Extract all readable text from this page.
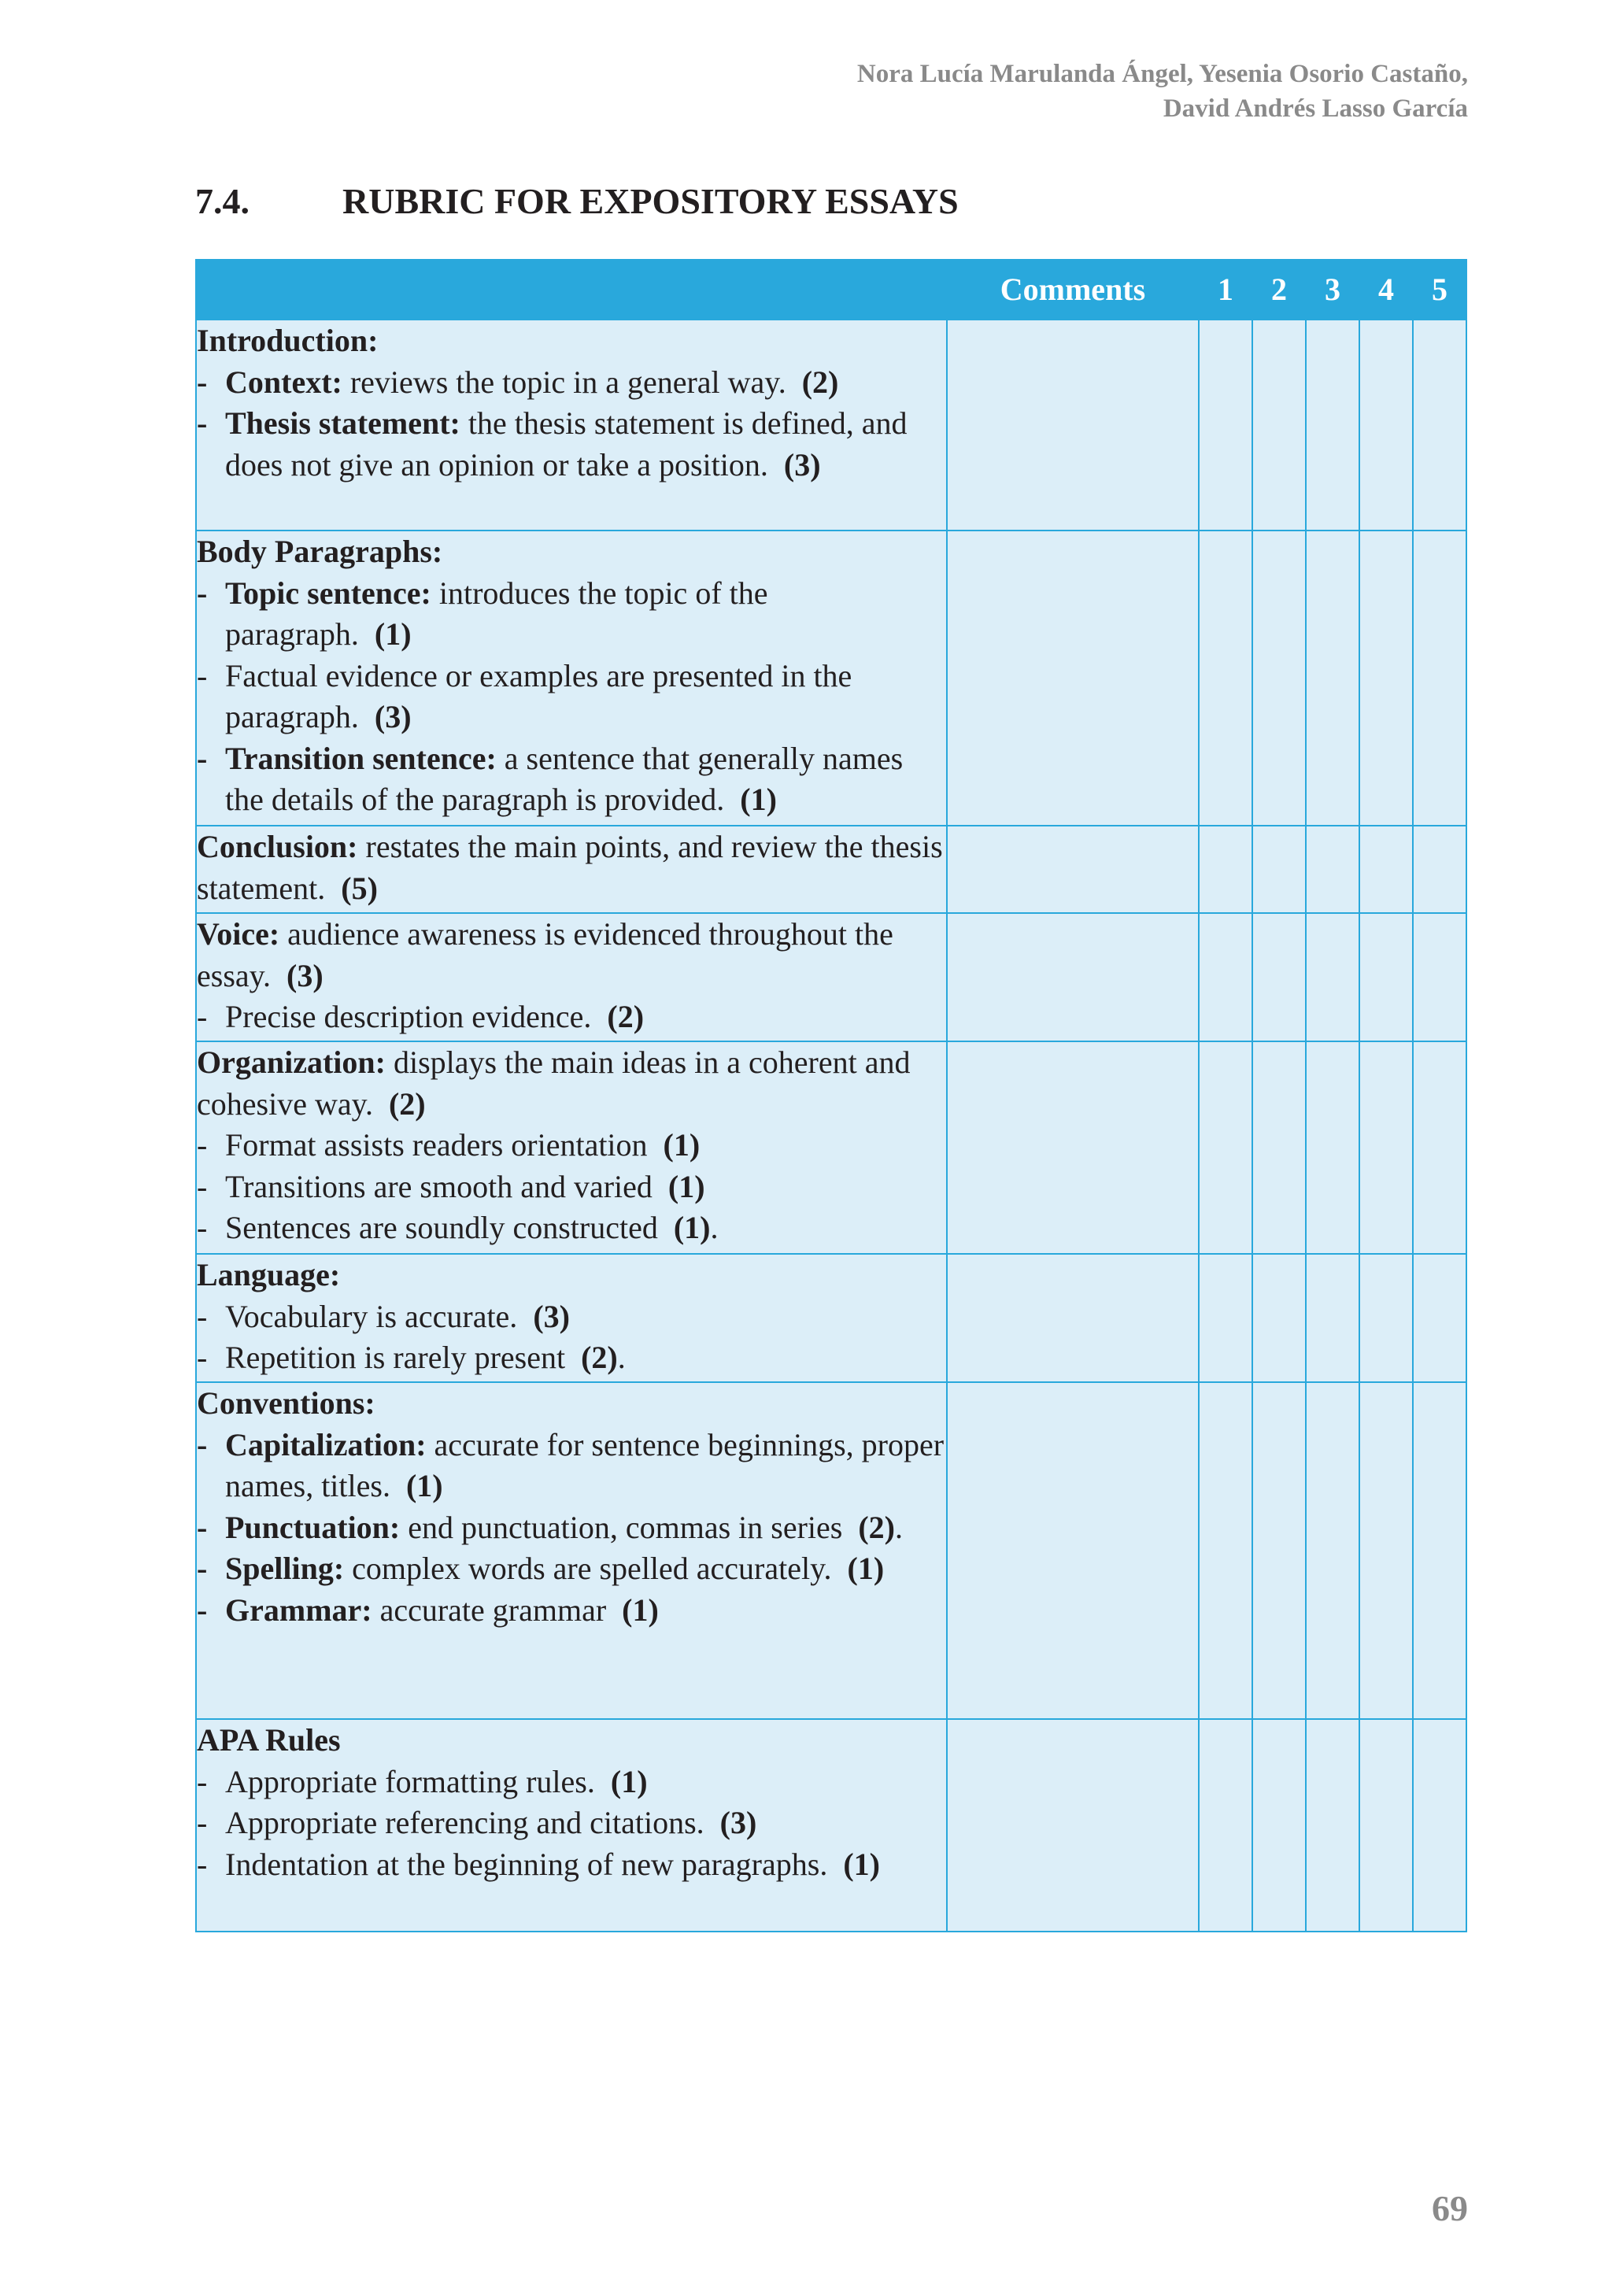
Nora Lucía Marulanda Ángel, Yesenia Osorio Castaño,
David Andrés Lasso García
7.4.	RUBRIC FOR EXPOSITORY ESSAYS
	Comments	1	2	3	4	5

Introduction:
- Context: reviews the topic in a general way. (2)
- Thesis statement: the thesis statement is defined, and does not give an opinion or take a position. (3)						

Body Paragraphs:
- Topic sentence: introduces the topic of the paragraph. (1)
- Factual evidence or examples are presented in the paragraph. (3)
- Transition sentence: a sentence that generally names the details of the paragraph is provided. (1)						

Conclusion: restates the main points, and review the thesis statement. (5)						

Voice: audience awareness is evidenced throughout the essay. (3)
- Precise description evidence. (2)						

Organization: displays the main ideas in a coherent and cohesive way. (2)
- Format assists readers orientation (1)
- Transitions are smooth and varied (1)
- Sentences are soundly constructed (1).						

Language:
- Vocabulary is accurate. (3)
- Repetition is rarely present (2).						

Conventions:
- Capitalization: accurate for sentence beginnings, proper names, titles. (1)
- Punctuation: end punctuation, commas in series (2).
- Spelling: complex words are spelled accurately. (1)
- Grammar: accurate grammar (1)						

APA Rules
- Appropriate formatting rules. (1)
- Appropriate referencing and citations. (3)
- Indentation at the beginning of new paragraphs. (1)						

69
